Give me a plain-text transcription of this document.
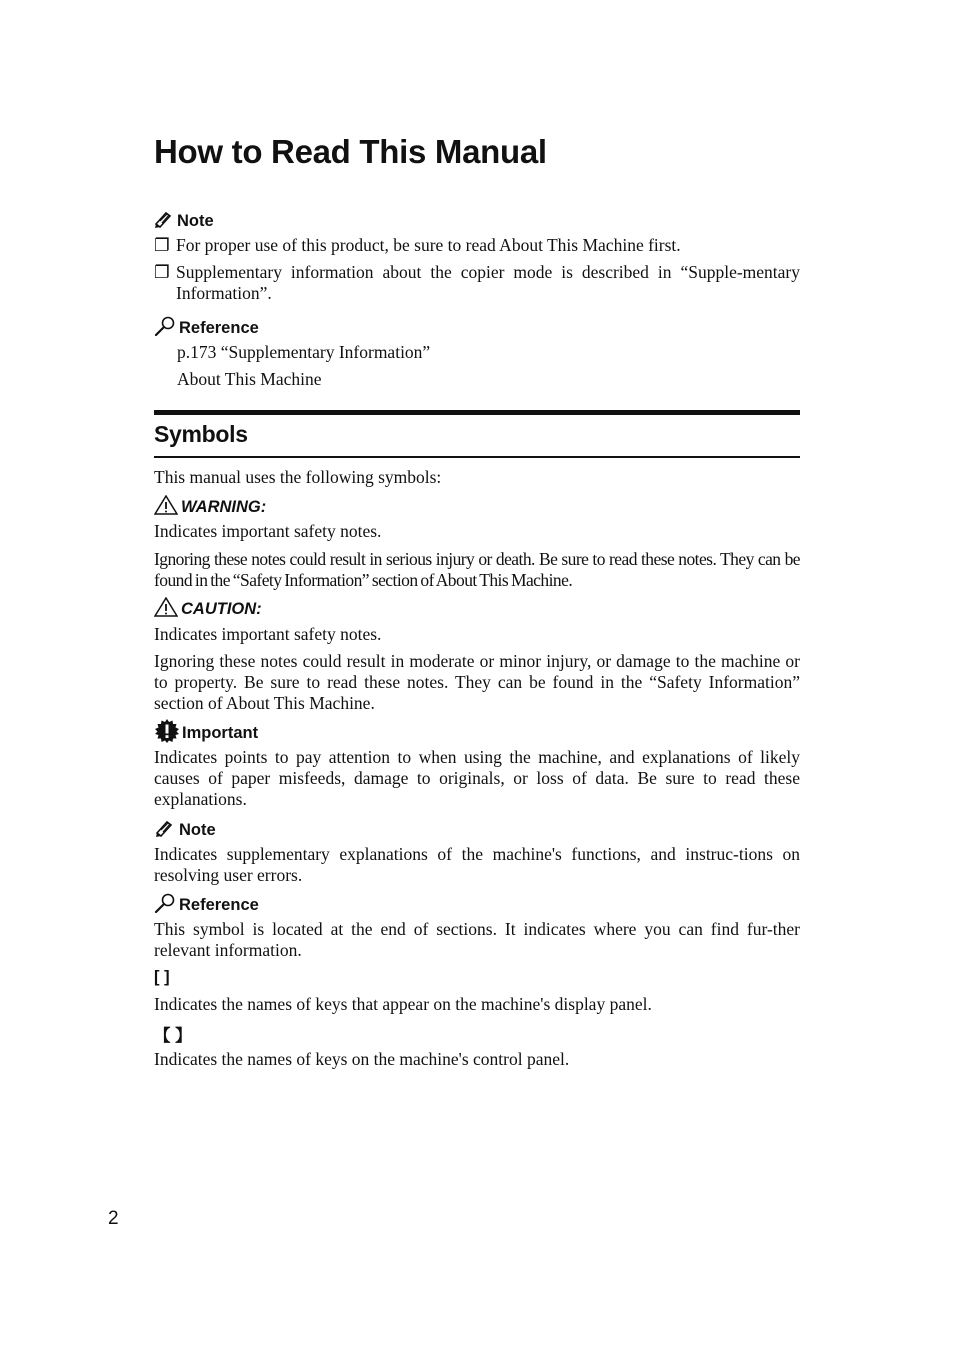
How to Read This Manual
Note
❐ For proper use of this product, be sure to read About This Machine first.
❐ Supplementary information about the copier mode is described in “Supple-mentary Information”.
Reference
p.173 “Supplementary Information”
About This Machine
Symbols
This manual uses the following symbols:
WARNING:
Indicates important safety notes.
Ignoring these notes could result in serious injury or death. Be sure to read these notes. They can be found in the “Safety Information” section of About This Machine.
CAUTION:
Indicates important safety notes.
Ignoring these notes could result in moderate or minor injury, or damage to the machine or to property. Be sure to read these notes. They can be found in the “Safety Information” section of About This Machine.
Important
Indicates points to pay attention to when using the machine, and explanations of likely causes of paper misfeeds, damage to originals, or loss of data. Be sure to read these explanations.
Note
Indicates supplementary explanations of the machine's functions, and instruc-tions on resolving user errors.
Reference
This symbol is located at the end of sections. It indicates where you can find fur-ther relevant information.
[ ]
Indicates the names of keys that appear on the machine's display panel.
【 】
Indicates the names of keys on the machine's control panel.
2
